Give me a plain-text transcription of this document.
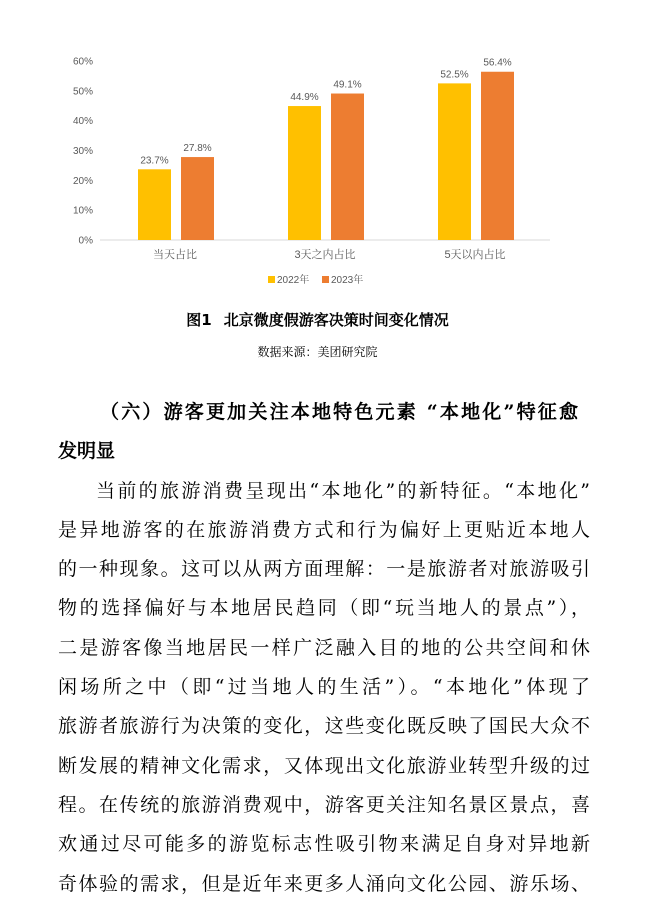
0%
10%
20%
30%
40%
50%
60%
23.7%
27.8%
当天占比
44.9%
49.1%
3天之内占比
52.5%
56.4%
5天以内占比
2022年 2023年
图1 北京微度假游客决策时间变化情况
数据来源：美团研究院
（六）游客更加关注本地特色元素 “本地化”特征愈
发明显
当前的旅游消费呈现出“本地化”的新特征。“本地化”
是异地游客的在旅游消费方式和行为偏好上更贴近本地人
的一种现象。这可以从两方面理解：一是旅游者对旅游吸引
物的选择偏好与本地居民趋同（即“玩当地人的景点”），
二是游客像当地居民一样广泛融入目的地的公共空间和休
闲场所之中（即“过当地人的生活”）。“本地化”体现了
旅游者旅游行为决策的变化，这些变化既反映了国民大众不
断发展的精神文化需求，又体现出文化旅游业转型升级的过
程。在传统的旅游消费观中，游客更关注知名景区景点，喜
欢通过尽可能多的游览标志性吸引物来满足自身对异地新
奇体验的需求，但是近年来更多人涌向文化公园、游乐场、
